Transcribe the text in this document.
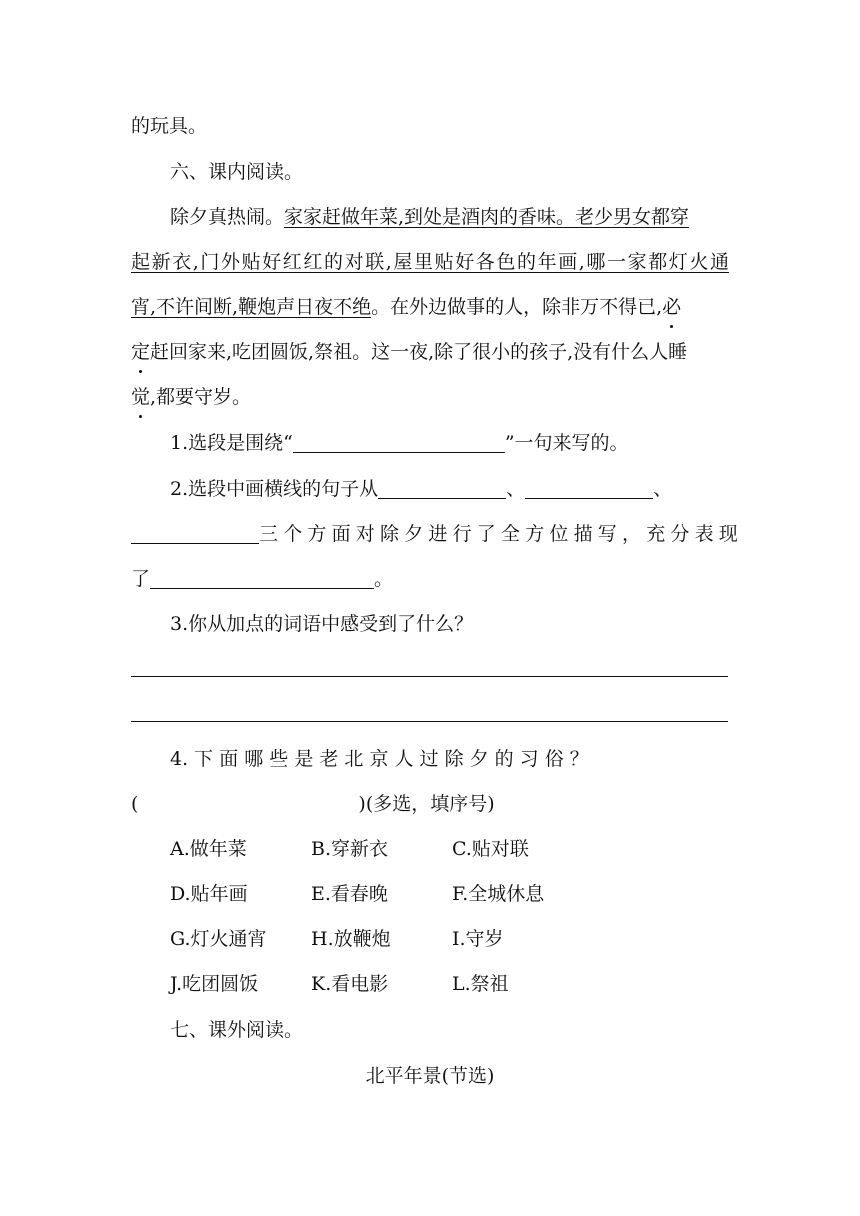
的玩具。
六、课内阅读。
除夕真热闹。家家赶做年菜,到处是酒肉的香味。老少男女都穿
起新衣,门外贴好红红的对联,屋里贴好各色的年画,哪一家都灯火通
宵,不许间断,鞭炮声日夜不绝。在外边做事的人，除非万不得已,必
定赶回家来,吃团圆饭,祭祖。这一夜,除了很小的孩子,没有什么人睡
觉,都要守岁。
1.选段是围绕“	”一句来写的。
2.选段中画横线的句子从	、	、
三个方面对除夕进行了全方位描写，充分表现
了	。
3.你从加点的词语中感受到了什么？
4. 下 面 哪 些 是 老 北 京 人 过 除 夕 的 习 俗 ？
(	)(多选，填序号)
A.做年菜	B.穿新衣	C.贴对联
D.贴年画	E.看春晚	F.全城休息
G.灯火通宵 H.放鞭炮	I.守岁
J.吃团圆饭	K.看电影	L.祭祖
七、课外阅读。
北平年景(节选)
